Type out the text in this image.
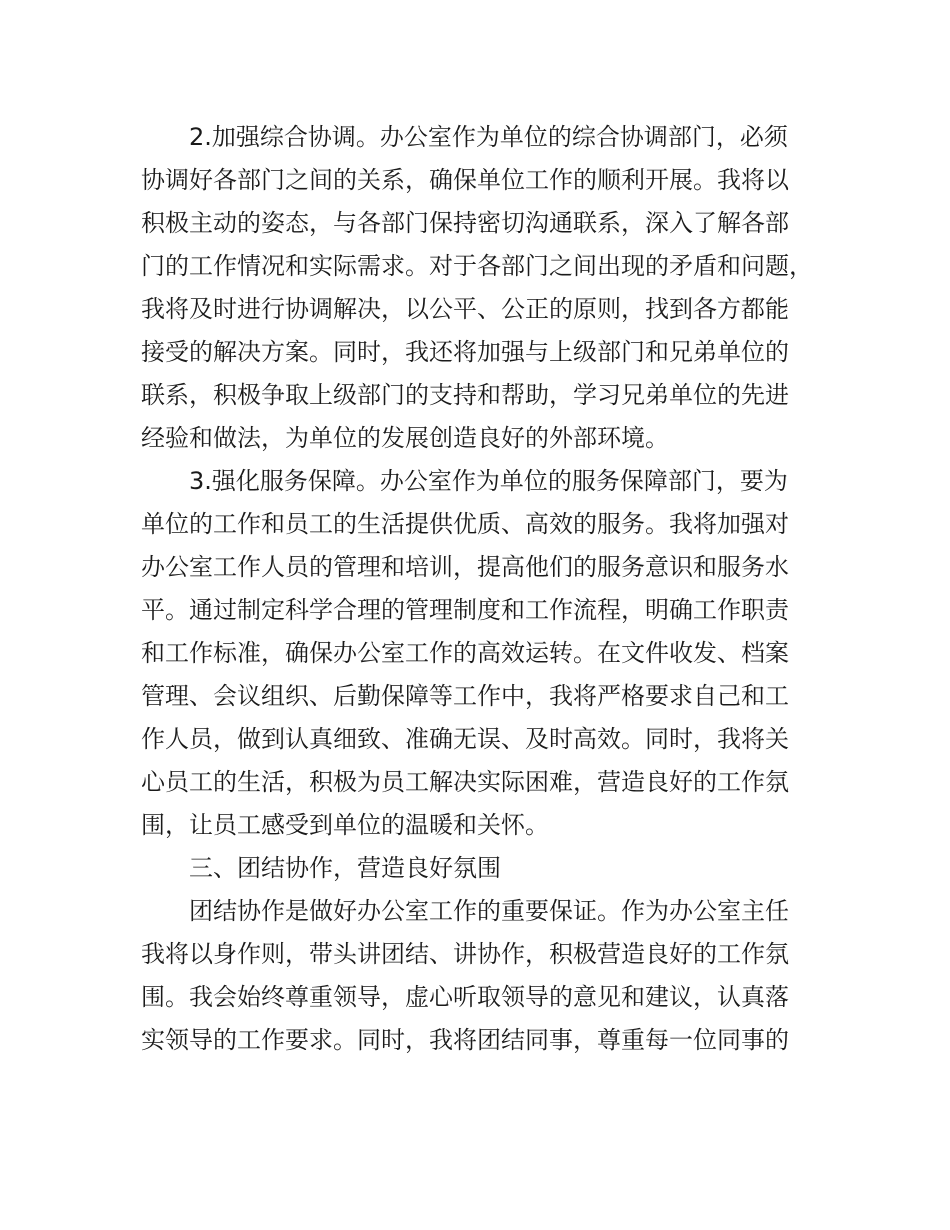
2.加强综合协调。办公室作为单位的综合协调部门，必须
协调好各部门之间的关系，确保单位工作的顺利开展。我将以
积极主动的姿态，与各部门保持密切沟通联系，深入了解各部
门的工作情况和实际需求。对于各部门之间出现的矛盾和问题，
我将及时进行协调解决，以公平、公正的原则，找到各方都能
接受的解决方案。同时，我还将加强与上级部门和兄弟单位的
联系，积极争取上级部门的支持和帮助，学习兄弟单位的先进
经验和做法，为单位的发展创造良好的外部环境。
3.强化服务保障。办公室作为单位的服务保障部门，要为
单位的工作和员工的生活提供优质、高效的服务。我将加强对
办公室工作人员的管理和培训，提高他们的服务意识和服务水
平。通过制定科学合理的管理制度和工作流程，明确工作职责
和工作标准，确保办公室工作的高效运转。在文件收发、档案
管理、会议组织、后勤保障等工作中，我将严格要求自己和工
作人员，做到认真细致、准确无误、及时高效。同时，我将关
心员工的生活，积极为员工解决实际困难，营造良好的工作氛
围，让员工感受到单位的温暖和关怀。
三、团结协作，营造良好氛围
团结协作是做好办公室工作的重要保证。作为办公室主任
我将以身作则，带头讲团结、讲协作，积极营造良好的工作氛
围。我会始终尊重领导，虚心听取领导的意见和建议，认真落
实领导的工作要求。同时，我将团结同事，尊重每一位同事的
